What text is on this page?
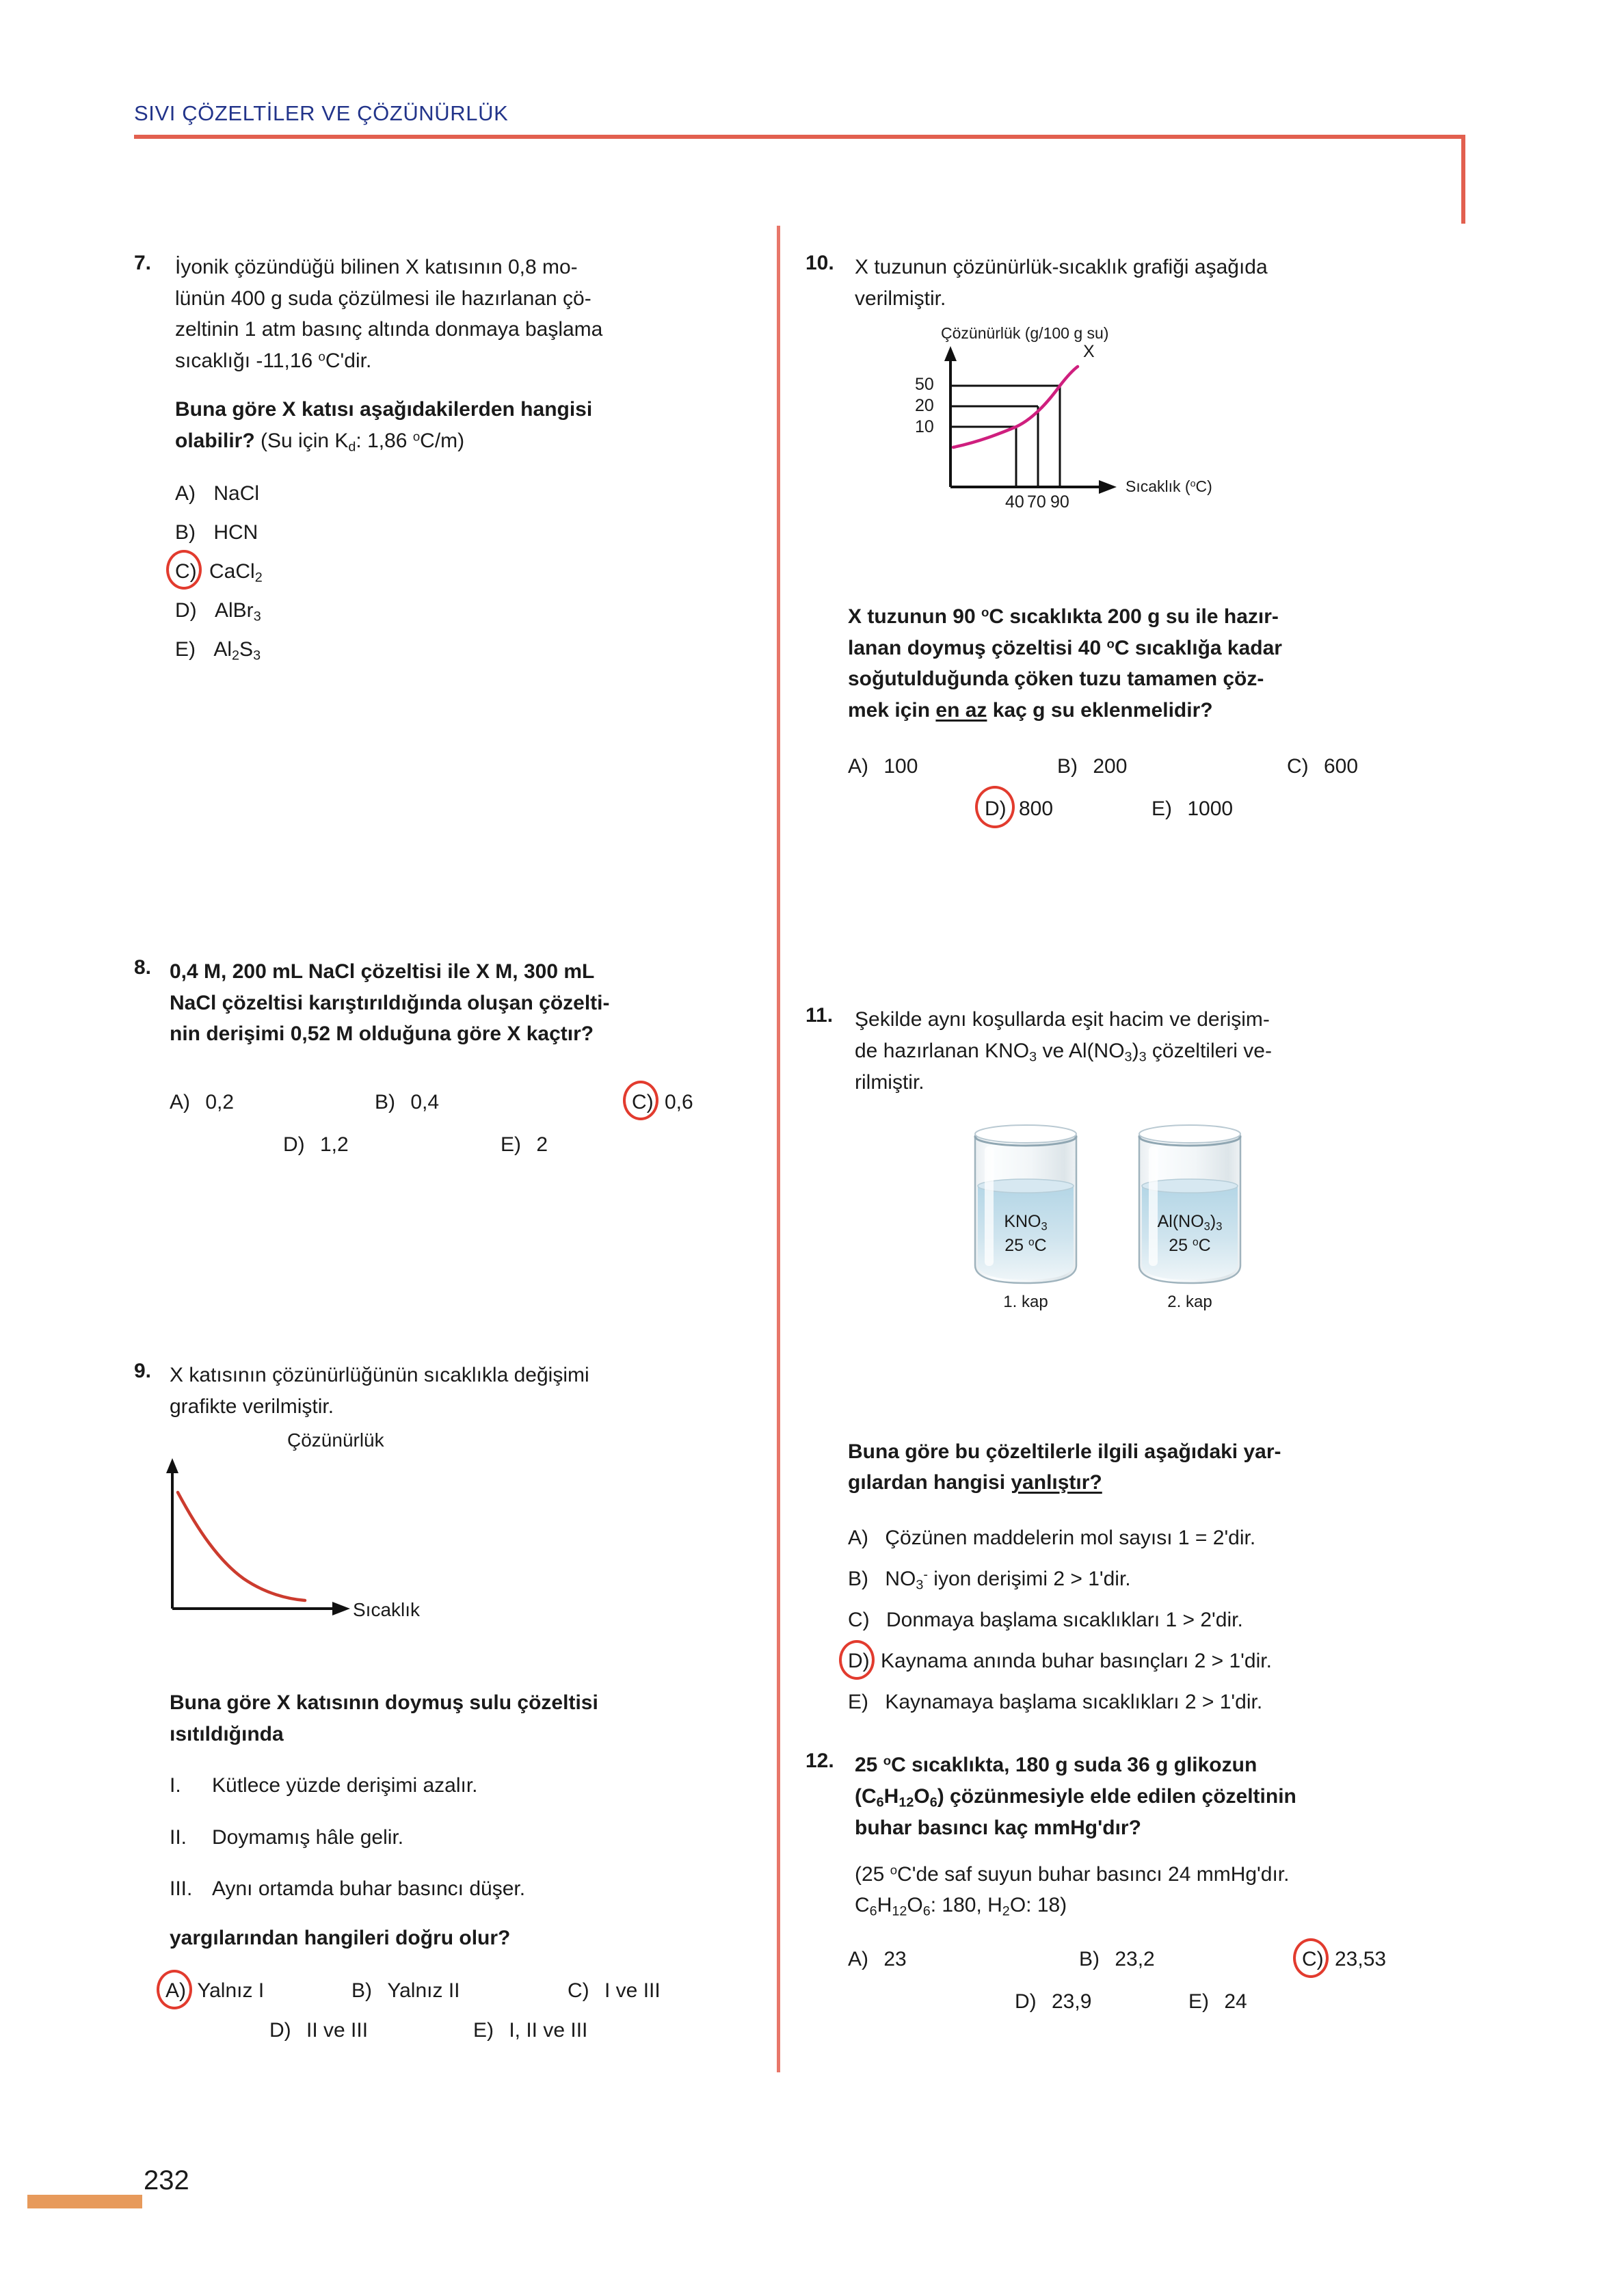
SIVI ÇÖZELTİLER VE ÇÖZÜNÜRLÜK
7. İyonik çözündüğü bilinen X katısının 0,8 mo-
lünün 400 g suda çözülmesi ile hazırlanan çö-
zeltinin 1 atm basınç altında donmaya başlama
sıcaklığı -11,16 $^o$C'dir.
Buna göre X katısı aşağıdakilerden hangisi
olabilir? (Su için $K_d$: 1,86 $^o$C/m)
A) NaCl
B) HCN
C) CaCl$_2$
D) AlBr$_3$
E) $Al_2S_3$
8. 0,4 M, 200 mL NaCl çözeltisi ile X M, 300 mL
NaCl çözeltisi karıştırıldığında oluşan çözelti-
nin derişimi 0,52 M olduğuna göre X kaçtır?
A) 0,2	B) 0,4	C) 0,6
D) 1,2	E) 2
9. X katısının çözünürlüğünün sıcaklıkla değişimi
grafikte verilmiştir.
Çözünürlük
Sıcaklık
Buna göre X katısının doymuş sulu çözeltisi
ısıtıldığında
I.	Kütlece yüzde derişimi azalır.
II.	Doymamış hâle gelir.
III. Aynı ortamda buhar basıncı düşer.
yargılarından hangileri doğru olur?
A) Yalnız I	B) Yalnız II	C) I ve III
D) II ve III	E) I, II ve III
10. X tuzunun çözünürlük-sıcaklık grafiği aşağıda
verilmiştir.
Çözünürlük (g/100 g su)
50
20
10
40 70 90
X
Sıcaklık ($^o$C)
X tuzunun 90 $^o$C sıcaklıkta 200 g su ile hazır-
lanan doymuş çözeltisi 40 $^o$C sıcaklığa kadar
soğutulduğunda çöken tuzu tamamen çöz-
mek için en az kaç g su eklenmelidir?
A) 100	B) 200	C) 600
D) 800	E) 1000
11. Şekilde aynı koşullarda eşit hacim ve derişim-
de hazırlanan $KNO_3$ ve $Al(NO_3)_3$ çözeltileri ve-
rilmiştir.
$KNO_3$
25 $^o$C
1. kap
$Al(NO_3)_3$
25 $^o$C
2. kap
Buna göre bu çözeltilerle ilgili aşağıdaki yar-
gılardan hangisi yanlıştır?
A) Çözünen maddelerin mol sayısı 1 = 2'dir.
B) $NO_3^-$ iyon derişimi 2 > 1'dir.
C) Donmaya başlama sıcaklıkları 1 > 2'dir.
D) Kaynama anında buhar basınçları 2 > 1'dir.
E) Kaynamaya başlama sıcaklıkları 2 > 1'dir.
12. 25 $^o$C sıcaklıkta, 180 g suda 36 g glikozun
$(C_6H_{12}O_6)$ çözünmesiyle elde edilen çözeltinin
buhar basıncı kaç mmHg'dır?
(25 $^o$C'de saf suyun buhar basıncı 24 mmHg'dır.
$C_6H_{12}O_6$: 180, $H_2O$: 18)
A) 23	B) 23,2	C) 23,53
D) 23,9	E) 24
232
